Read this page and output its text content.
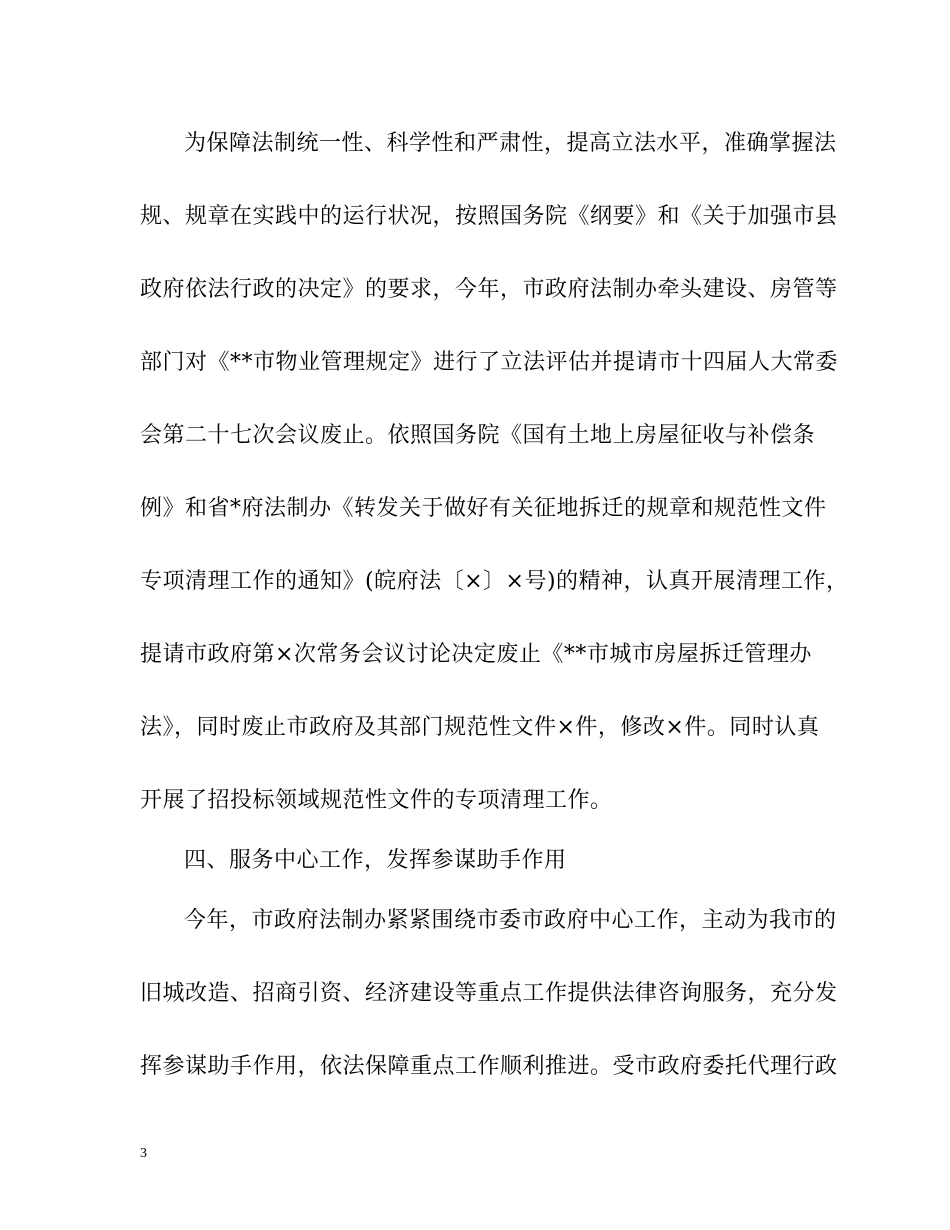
为保障法制统一性、科学性和严肃性，提高立法水平，准确掌握法
规、规章在实践中的运行状况，按照国务院《纲要》和《关于加强市县
政府依法行政的决定》的要求，今年，市政府法制办牵头建设、房管等
部门对《**市物业管理规定》进行了立法评估并提请市十四届人大常委
会第二十七次会议废止。依照国务院《国有土地上房屋征收与补偿条
例》和省*府法制办《转发关于做好有关征地拆迁的规章和规范性文件
专项清理工作的通知》(皖府法〔×〕×号)的精神，认真开展清理工作，
提请市政府第×次常务会议讨论决定废止《**市城市房屋拆迁管理办
法》，同时废止市政府及其部门规范性文件×件，修改×件。同时认真
开展了招投标领域规范性文件的专项清理工作。
四、服务中心工作，发挥参谋助手作用
今年，市政府法制办紧紧围绕市委市政府中心工作，主动为我市的
旧城改造、招商引资、经济建设等重点工作提供法律咨询服务，充分发
挥参谋助手作用，依法保障重点工作顺利推进。受市政府委托代理行政
3
